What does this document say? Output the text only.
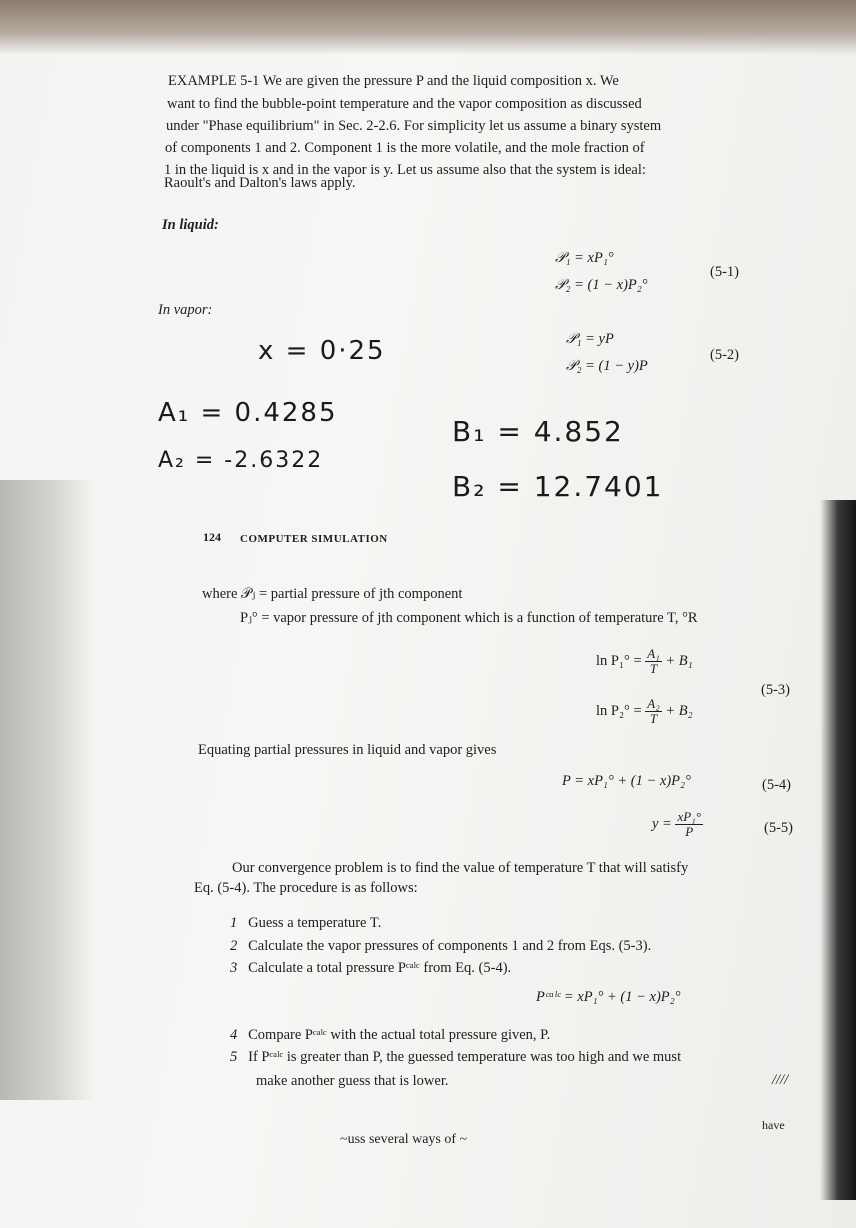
EXAMPLE 5-1 We are given the pressure P and the liquid composition x. We
want to find the bubble-point temperature and the vapor composition as discussed
under "Phase equilibrium" in Sec. 2-2.6. For simplicity let us assume a binary system
of components 1 and 2. Component 1 is the more volatile, and the mole fraction of
1 in the liquid is x and in the vapor is y. Let us assume also that the system is ideal:
Raoult's and Dalton's laws apply.
In liquid:
𝒫₁ = xP₁°
𝒫₂ = (1 − x)P₂°
(5-1)
In vapor:
𝒫₁ = yP
𝒫₂ = (1 − y)P
(5-2)
x = 0·25
A₁ = 0.4285
A₂ = -2.6322
B₁ = 4.852
B₂ = 12.7401
124 COMPUTER SIMULATION
where 𝒫ⱼ = partial pressure of jth component
Pⱼ° = vapor pressure of jth component which is a function of temperature T, °R
$\ln P_1^\circ = \frac{\text{A₁}}{T} + B_1$
$\ln P_2^\circ = \frac{\text{A₂}}{T} + B_2$
(5-3)
Equating partial pressures in liquid and vapor gives
P = xP₁° + (1 − x)P₂°	(5-4)
$y = \frac{\text{xP₁°}}{P}$	(5-5)
Our convergence problem is to find the value of temperature T that will satisfy
Eq. (5-4). The procedure is as follows:
1 Guess a temperature T.
2 Calculate the vapor pressures of components 1 and 2 from Eqs. (5-3).
3 Calculate a total pressure Pᶜᵃˡᶜ from Eq. (5-4).
Pᶜᵃˡᶜ = xP₁° + (1 − x)P₂°
4 Compare Pᶜᵃˡᶜ with the actual total pressure given, P.
5 If Pᶜᵃˡᶜ is greater than P, the guessed temperature was too high and we must
make another guess that is lower.	////
~uss several ways of ~
have
